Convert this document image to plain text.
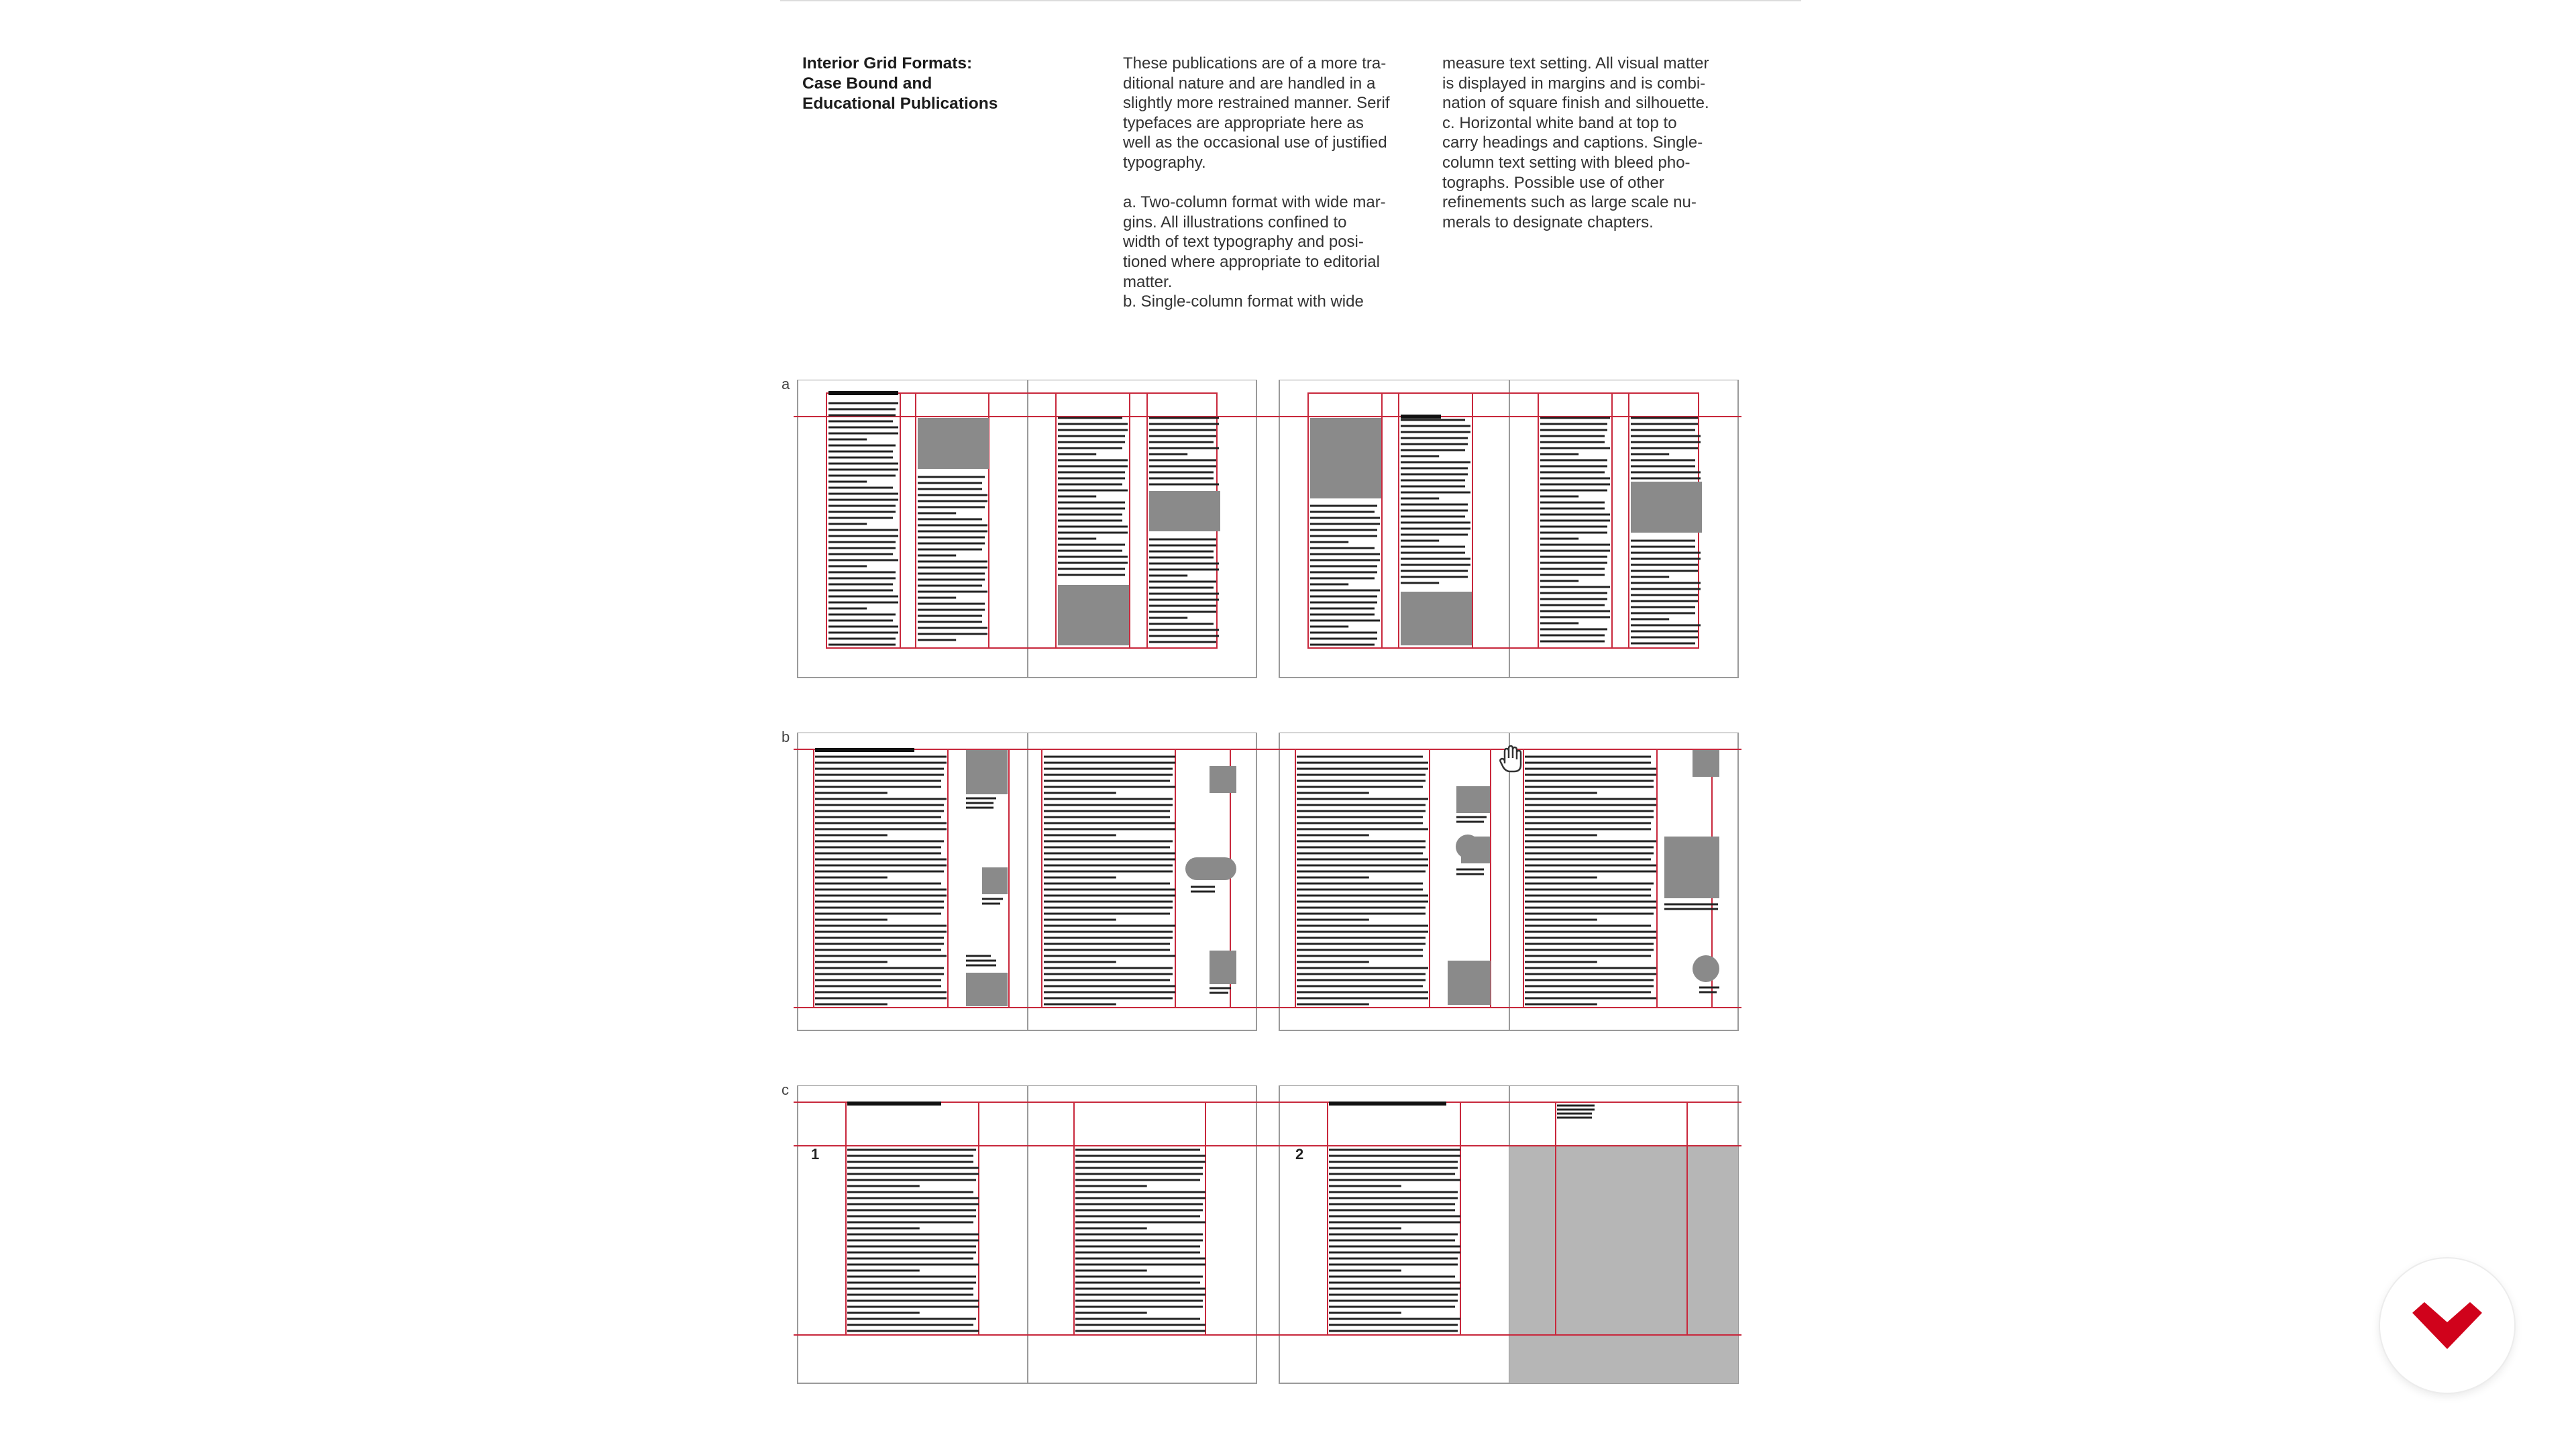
Interior Grid Formats:
Case Bound and
Educational Publications
These publications are of a more tra-
ditional nature and are handled in a
slightly more restrained manner. Serif
typefaces are appropriate here as
well as the occasional use of justified
typography.
a. Two-column format with wide mar-
gins. All illustrations confined to
width of text typography and posi-
tioned where appropriate to editorial
matter.
b. Single-column format with wide
measure text setting. All visual matter
is displayed in margins and is combi-
nation of square finish and silhouette.
c. Horizontal white band at top to
carry headings and captions. Single-
column text setting with bleed pho-
tographs. Possible use of other
refinements such as large scale nu-
merals to designate chapters.
a
b
c
1	2
